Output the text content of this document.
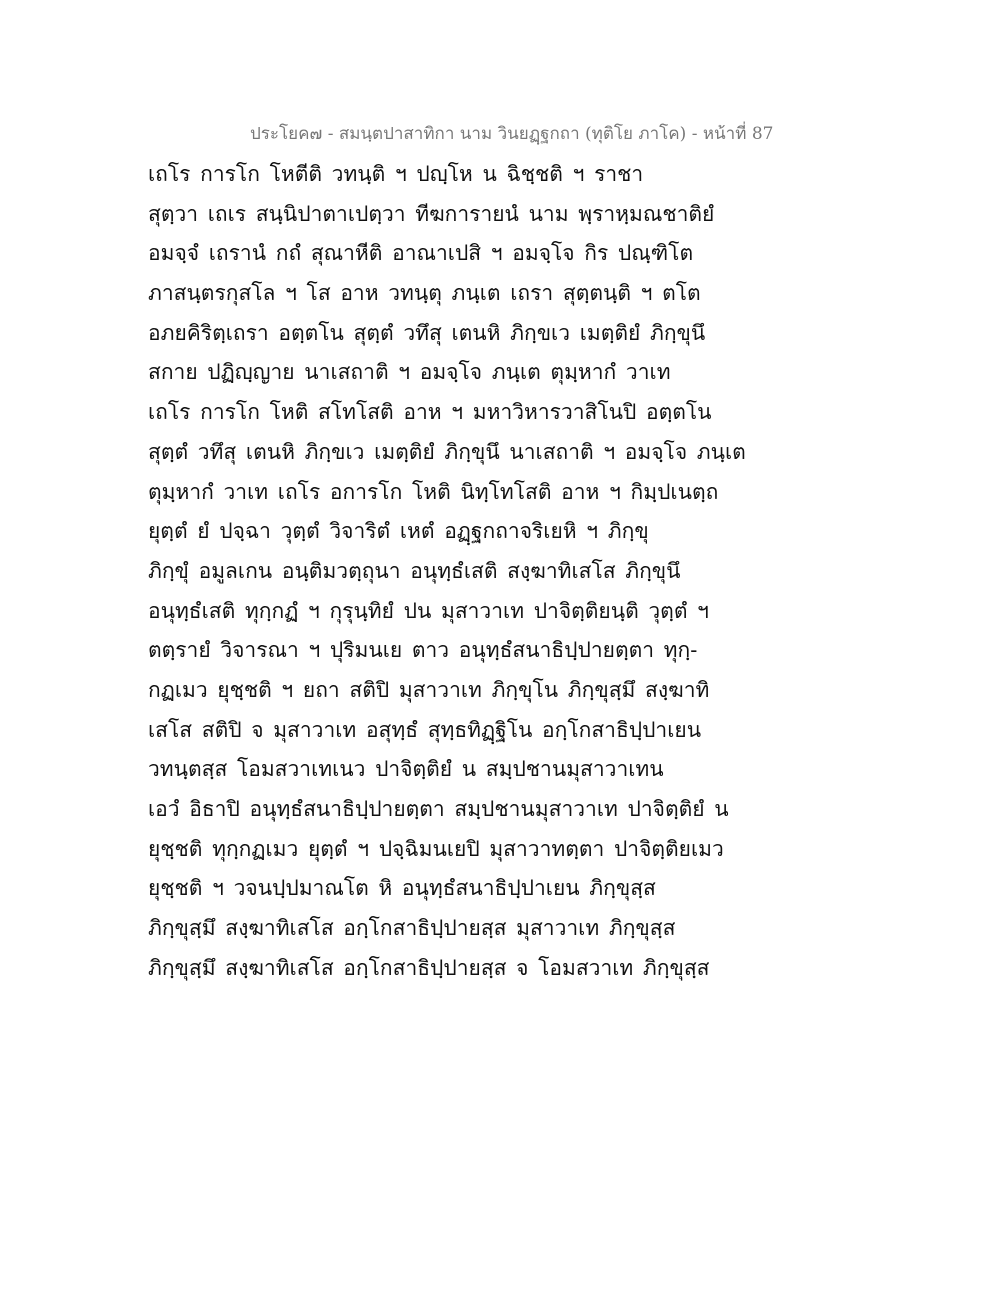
ประโยค๗ - สมนฺตปาสาทิกา นาม วินยฏฺฐกถา (ทุติโย ภาโค) - หน้าที่ 87
เถโร การโก โหตีติ วทนฺติ ฯ ปญฺโห น ฉิชฺชติ ฯ ราชา
สุตฺวา เถเร สนฺนิปาตาเปตฺวา ทีฆการายนํ นาม พฺราหฺมณชาติยํ
อมจฺจํ เถรานํ กถํ สุณาหีติ อาณาเปสิ ฯ อมจฺโจ กิร ปณฺฑิโต
ภาสนฺตรกุสโล ฯ โส อาห วทนฺตุ ภนฺเต เถรา สุตฺตนฺติ ฯ ตโต
อภยคิริตฺเถรา อตฺตโน สุตฺตํ วทึสุ เตนหิ ภิกฺขเว เมตฺติยํ ภิกฺขุนึ
สกาย ปฏิญฺญาย นาเสถาติ ฯ อมจฺโจ ภนฺเต ตุมฺหากํ วาเท
เถโร การโก โหติ สโทโสติ อาห ฯ มหาวิหารวาสิโนปิ อตฺตโน
สุตฺตํ วทึสุ เตนหิ ภิกฺขเว เมตฺติยํ ภิกฺขุนึ นาเสถาติ ฯ อมจฺโจ ภนฺเต
ตุมฺหากํ วาเท เถโร อการโก โหติ นิทฺโทโสติ อาห ฯ กิมฺปเนตฺถ
ยุตฺตํ ยํ ปจฺฉา วุตฺตํ วิจาริตํ เหตํ อฏฺฐกถาจริเยหิ ฯ ภิกฺขุ
ภิกฺขุํ อมูลเกน อนฺติมวตฺถุนา อนุทฺธํเสติ สงฺฆาทิเสโส ภิกฺขุนึ
อนุทฺธํเสติ ทุกฺกฏํ ฯ กุรุนฺทิยํ ปน มุสาวาเท ปาจิตฺติยนฺติ วุตฺตํ ฯ
ตตฺรายํ วิจารณา ฯ ปุริมนเย ตาว อนุทฺธํสนาธิปฺปายตฺตา ทุกฺ-
กฏเมว ยุชฺชติ ฯ ยถา สติปิ มุสาวาเท ภิกฺขุโน ภิกฺขุสฺมึ สงฺฆาทิ
เสโส สติปิ จ มุสาวาเท อสุทฺธํ สุทฺธทิฏฺฐิโน อกฺโกสาธิปฺปาเยน
วทนฺตสฺส โอมสวาเทเนว ปาจิตฺติยํ น สมฺปชานมุสาวาเทน
เอวํ อิธาปิ อนุทฺธํสนาธิปฺปายตฺตา สมฺปชานมุสาวาเท ปาจิตฺติยํ น
ยุชฺชติ ทุกฺกฏเมว ยุตฺตํ ฯ ปจฺฉิมนเยปิ มุสาวาทตฺตา ปาจิตฺติยเมว
ยุชฺชติ ฯ วจนปฺปมาณโต หิ อนุทฺธํสนาธิปฺปาเยน ภิกฺขุสฺส
ภิกฺขุสฺมึ สงฺฆาทิเสโส อกฺโกสาธิปฺปายสฺส มุสาวาเท ภิกฺขุสฺส
ภิกฺขุสฺมึ สงฺฆาทิเสโส อกฺโกสาธิปฺปายสฺส จ โอมสวาเท ภิกฺขุสฺส
